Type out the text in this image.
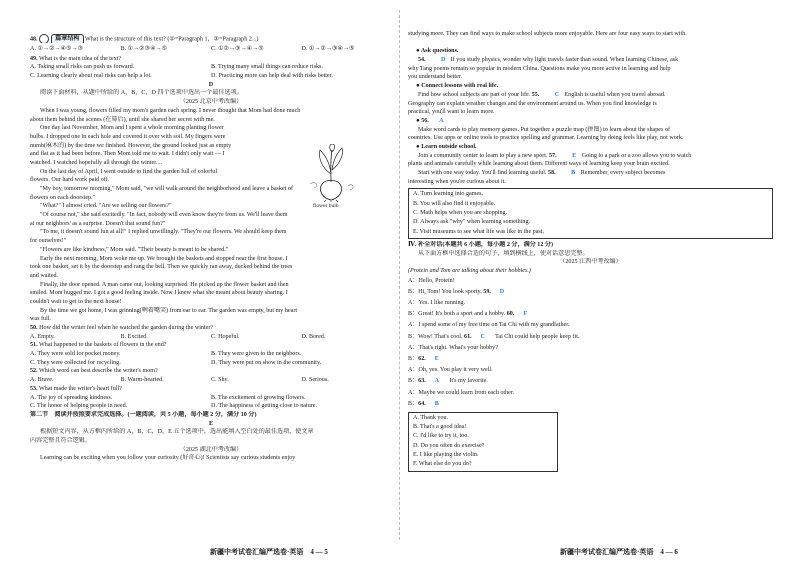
48.	篇章结构 What is the structure of this text? (①=Paragraph 1，②=Paragraph 2...)
A. ①→②→④⑤→③	B. ①→②③④→⑤	C. ①②→③→④→⑤	D. ①→②→③④→⑤
49. What is the main idea of the text?
A. Taking small risks can push us forward.	B. Trying many small things can reduce risks.
C. Learning clearly about real risks can help a lot.	D. Practicing more can help deal with risks better.
D
阅读下面材料，从题中所给的 A，B，C，D 四个选项中选出一个最佳选项。
（2025 北京中考改编）
When I was young, flowers filled my mom's garden each spring. I never thought that Mom had done much
about them behind the scenes (在幕后), until she shared her secret with me.
One day last November, Mom and I spent a whole morning planting flower
bulbs. I dropped one in each hole and covered it over with soil. My fingers were
numb(麻木的) by the time we finished. However, the ground looked just as empty
and flat as it had been before. Then Mom told me to wait. I didn't only wait — I
watched. I watched hopefully all through the winter....
On the last day of April, I went outside to find the garden full of colorful
flowers. Our hard work paid off.
"My boy, tomorrow morning," Mom said, "we will walk around the neighborhood and leave a basket of
flowers on each doorstep."
"What?" I almost cried. "Are we selling our flowers?"
"Of course not," she said excitedly. "In fact, nobody will even know they're from us. We'll leave them
at our neighbors' as a surprise. Doesn't that sound fun?"
"To me, it doesn't sound fun at all!" I replied unwillingly. "They're our flowers. We should keep them
for ourselves!"
"Flowers are like kindness," Mom said. "Their beauty is meant to be shared."
Early the next morning, Mom woke me up. We brought the baskets and stopped near the first house. I
took one basket, set it by the doorstep and rang the bell. Then we quickly ran away, ducked behind the trees
and waited.
Finally, the door opened. A man came out, looking surprised. He picked up the flower basket and then
smiled. Mom hugged me. I got a good feeling inside. Now I knew what she meant about beauty sharing. I
couldn't wait to get to the next house!
By the time we got home, I was grinning(咧着嘴笑) from ear to ear. The garden was empty, but my heart
was full.
50. How did the writer feel when he watched the garden during the winter?
A. Empty.	B. Excited.	C. Hopeful.	D. Bored.
51. What happened to the baskets of flowers in the end?
A. They were sold for pocket money.	B. They were given to the neighbors.
C. They were collected for recycling.	D. They were put on show in the community.
52. Which word can best describe the writer's mom?
A. Brave.	B. Warm-hearted.	C. Shy.	D. Serious.
53. What made the writer's heart full?
A. The joy of spreading kindness.	B. The excitement of growing flowers.
C. The honor of helping people in need.	D. The happiness of getting close to nature.
第二节　阅读并按照要求完成选择。(一题阅读，共 5 小题，每小题 2 分，满分 10 分)
E
根据短文内容，从方框内所给的 A，B，C，D，E 五个选项中，选出能填入空白处的最佳选项，使文章
内容完整且符合逻辑。
（2025 湖北中考改编）
Learning can be exciting when you follow your curiosity (好奇心)! Scientists say curious students enjoy
flower bulb
新疆中考试卷汇编严选卷·英语　4 — 5
studying more. They can find ways to make school subjects more enjoyable. Here are four easy ways to start with.
● Ask questions.
54.	D If you study physics, wonder why light travels faster than sound. When learning Chinese, ask
why Tang poems remain so popular in modern China. Questions make you more active in learning and help
you understand better.
● Connect lessons with real life.
Find how school subjects are part of your life. 55.	C English is useful when you travel abroad.
Geography can explain weather changes and the environment around us. When you find knowledge is
practical, you'll want to learn more.
● 56. A
Make word cards to play memory games. Put together a puzzle map (拼图) to learn about the shapes of
countries. Use apps or online tools to practice spelling and grammar. Learning by doing feels like play, not work.
● Learn outside school.
Join a community center to learn to play a new sport. 57.	E Going to a park or a zoo allows you to watch
plants and animals carefully while learning about them. Different ways of learning keep your brain excited.
Start with one way today. You'll find learning useful. 58.	B Remember, every subject becomes
interesting when you're curious about it.
A. Turn learning into games.
B. You will also find it enjoyable.
C. Math helps when you are shopping.
D. Always ask "why" when learning something.
E. Visit museums to see what life was like in the past.
Ⅳ. 补全对话(本题共 6 小题，每小题 2 分，满分 12 分)
从下面方框中选择合适的句子，填到横线上，使对话意思完整。
（2025 江西中考改编）
(Protein and Tom are talking about their hobbies.)
A：Hello, Protein!
B：Hi, Tom! You look sporty. 59. D
A：Yes. I like running.
B：Great! It's both a sport and a hobby. 60. F
A：I spend some of my free time on Tai Chi with my grandfather.
B：Wow! That's cool. 61. C Tai Chi could help people keep fit.
A：That's right. What's your hobby?
B：62. E
A：Oh, yes. You play it very well.
B：63. A It's my favorite.
A：Maybe we could learn from each other.
B：64. B
A. Thank you.
B. That's a good idea!
C. I'd like to try it, too.
D. Do you often do exercise?
E. I like playing the violin.
F. What else do you do?
新疆中考试卷汇编严选卷·英语　4 — 6
